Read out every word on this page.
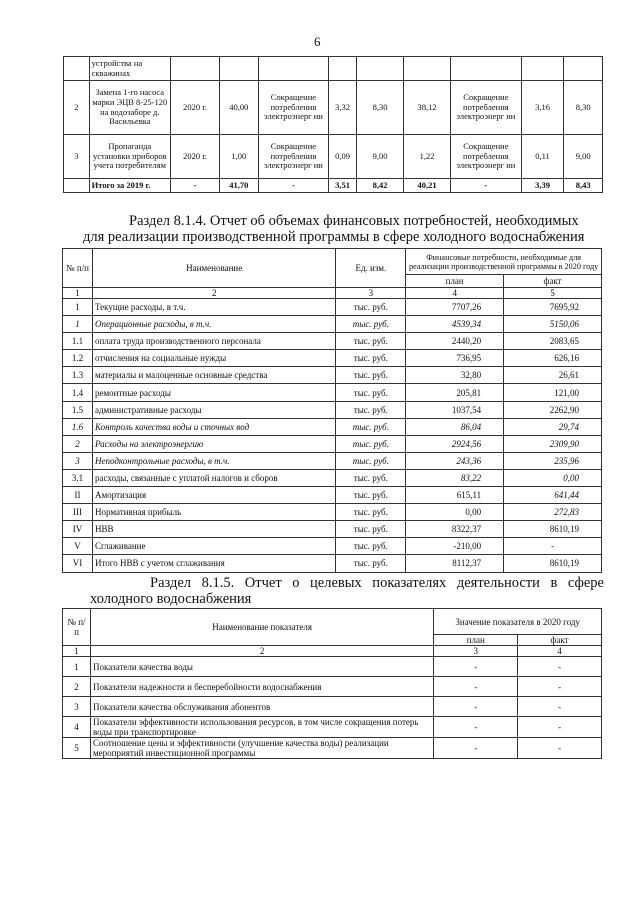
6
	устройства на скважинах									
2	Замена 1-го насоса марки ЭЦВ 8-25-120 на водозаборе д. Васильевка	2020 г.	40,00	Сокращение потребления электроэнерг ии	3,32	8,30	38,12	Сокращение потребления электроэнерг ии	3,16	8,30
3	Пропаганда установки приборов учета потребителям	2020 г.	1,00	Сокращение потребления электроэнерг ии	0,09	9,00	1,22	Сокращение потребления электроэнерг ии	0,11	9,00
	Итого за 2019 г.	-	41,70	-	3,51	8,42	40,21	-	3,39	8,43
Раздел 8.1.4. Отчет об объемах финансовых потребностей, необходимых
для реализации производственной программы в сфере холодного водоснабжения
№ п/п	Наименование	Ед. изм.	Финансовые потребности, необходимые для реализации производственной программы в 2020 году	
			план	факт
1	2	3	4	5
1	Текущие расходы, в т.ч.	тыс. руб.	7707,26	7695,92
1	Операционные расходы, в т.ч.	тыс. руб.	4539,34	5150,06
1.1	оплата труда производственного персонала	тыс. руб.	2440,20	2083,65
1.2	отчисления на социальные нужды	тыс. руб.	736,95	626,16
1.3	материалы и малоценные основные средства	тыс. руб.	32,80	26,61
1.4	ремонтные расходы	тыс. руб.	205,81	121,00
1.5	административные расходы	тыс. руб.	1037,54	2262,90
1.6	Контроль качества воды и сточных вод	тыс. руб.	86,04	29,74
2	Расходы на электроэнергию	тыс. руб.	2924,56	2309,90
3	Неподконтрольные расходы, в т.ч.	тыс. руб.	243,36	235,96
3.1	расходы, связанные с уплатой налогов и сборов	тыс. руб.	83,22	0,00
II	Амортизация	тыс. руб.	615,11	641,44
III	Нормативная прибыль	тыс. руб.	0,00	272,83
IV	НВВ	тыс. руб.	8322,37	8610,19
V	Сглаживание	тыс. руб.	-210,00	-
VI	Итого НВВ с учетом сглаживания	тыс. руб.	8112,37	8610,19
Раздел 8.1.5. Отчет о целевых показателях деятельности в сфере
холодного водоснабжения
№ п/п	Наименование показателя	Значение показателя в 2020 году	
		план	факт
1	2	3	4
1	Показатели качества воды	-	-
2	Показатели надежности и бесперебойности водоснабжения	-	-
3	Показатели качества обслуживания абонентов	-	-
4	Показатели эффективности использования ресурсов, в том числе сокращения потерь воды при транспортировке	-	-
5	Соотношение цены и эффективности (улучшение качества воды) реализации мероприятий инвестиционной программы	-	-
